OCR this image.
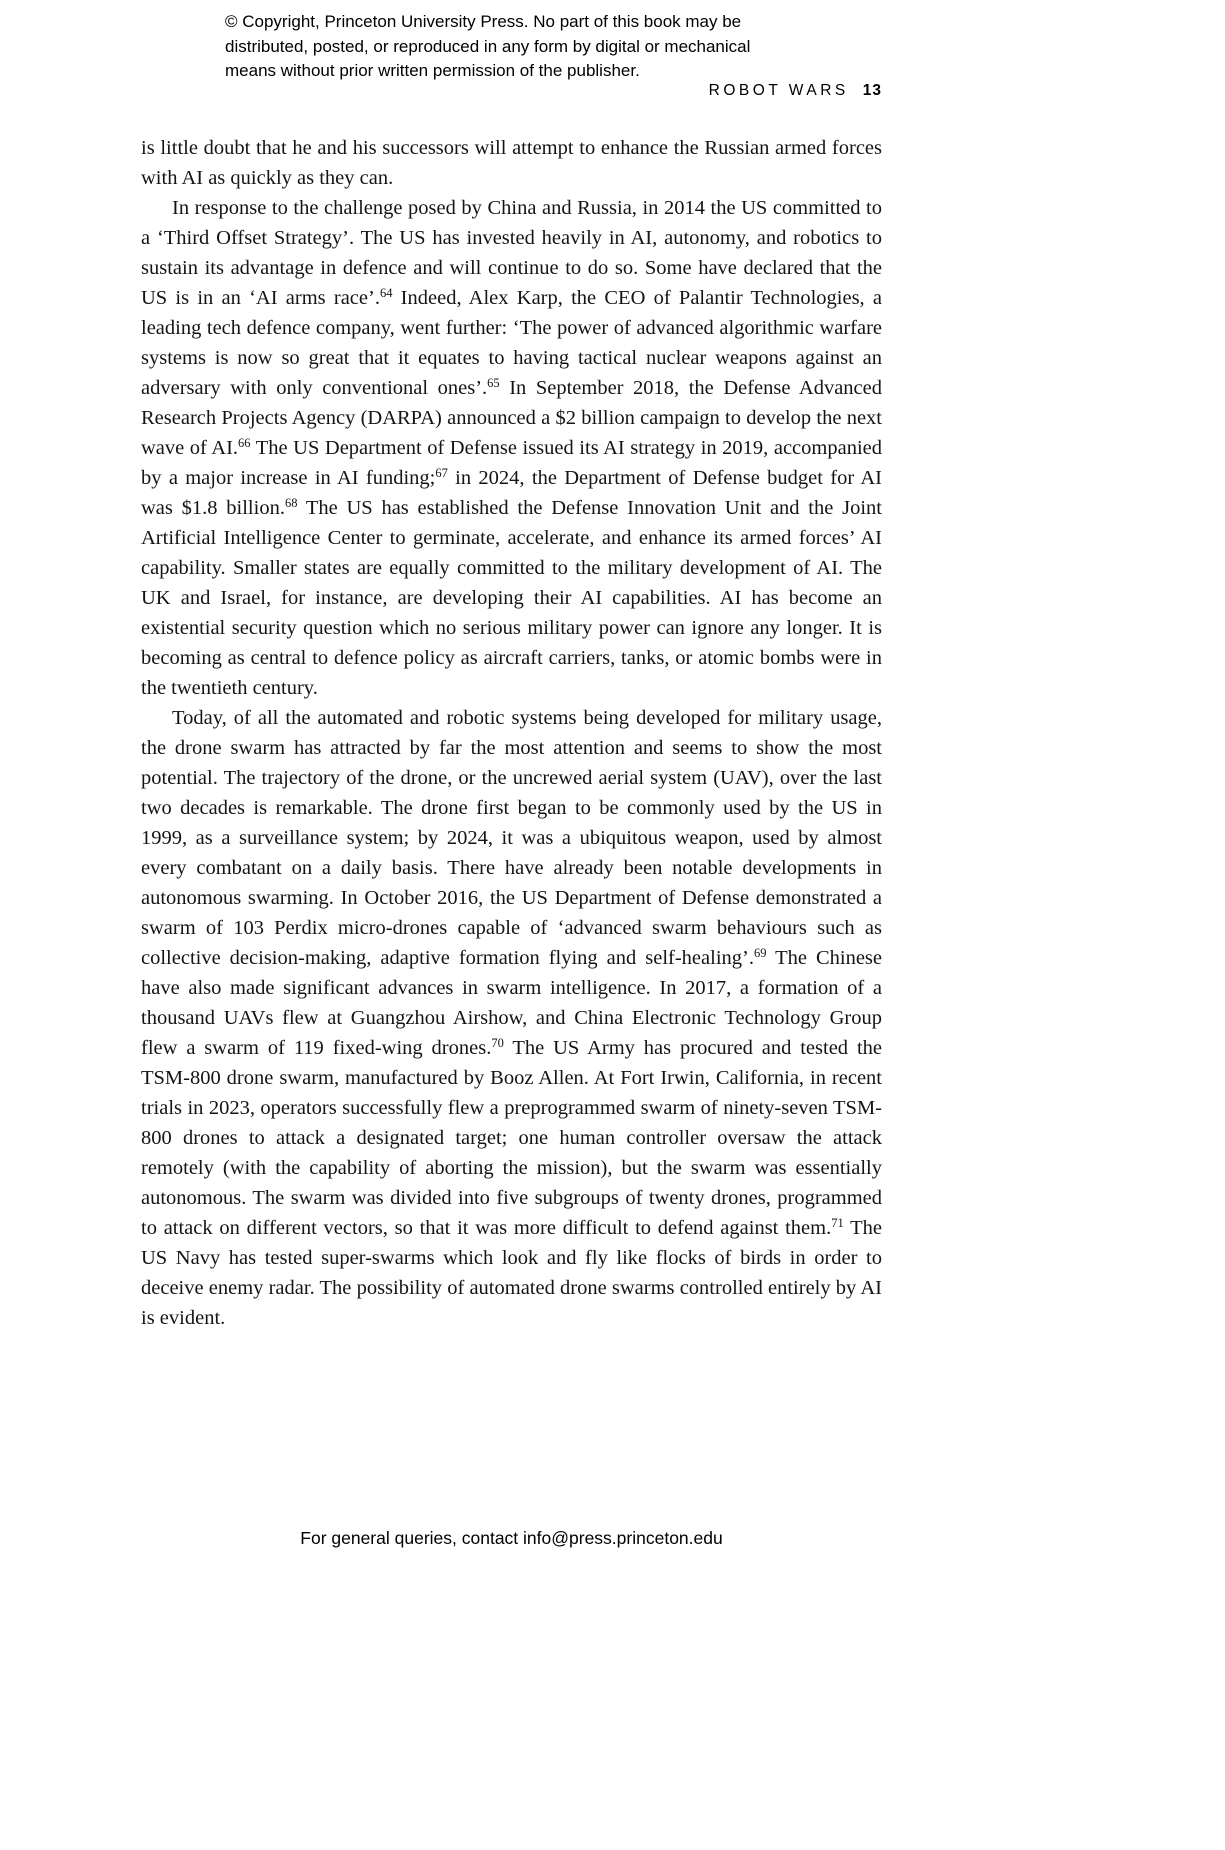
© Copyright, Princeton University Press. No part of this book may be
distributed, posted, or reproduced in any form by digital or mechanical
means without prior written permission of the publisher.
ROBOT WARS 13

is little doubt that he and his successors will attempt to enhance the Russian armed forces with AI as quickly as they can.

In response to the challenge posed by China and Russia, in 2014 the US committed to a ‘Third Offset Strategy’. The US has invested heavily in AI, autonomy, and robotics to sustain its advantage in defence and will continue to do so. Some have declared that the US is in an ‘AI arms race’.$^{64}$ Indeed, Alex Karp, the CEO of Palantir Technologies, a leading tech defence company, went further: ‘The power of advanced algorithmic warfare systems is now so great that it equates to having tactical nuclear weapons against an adversary with only conventional ones’.$^{65}$ In September 2018, the Defense Advanced Research Projects Agency (DARPA) announced a $2 billion campaign to develop the next wave of AI.$^{66}$ The US Department of Defense issued its AI strategy in 2019, accompanied by a major increase in AI funding;$^{67}$ in 2024, the Department of Defense budget for AI was $1.8 billion.$^{68}$ The US has established the Defense Innovation Unit and the Joint Artificial Intelligence Center to germinate, accelerate, and enhance its armed forces’ AI capability. Smaller states are equally committed to the military development of AI. The UK and Israel, for instance, are developing their AI capabilities. AI has become an existential security question which no serious military power can ignore any longer. It is becoming as central to defence policy as aircraft carriers, tanks, or atomic bombs were in the twentieth century.

Today, of all the automated and robotic systems being developed for military usage, the drone swarm has attracted by far the most attention and seems to show the most potential. The trajectory of the drone, or the uncrewed aerial system (UAV), over the last two decades is remarkable. The drone first began to be commonly used by the US in 1999, as a surveillance system; by 2024, it was a ubiquitous weapon, used by almost every combatant on a daily basis. There have already been notable developments in autonomous swarming. In October 2016, the US Department of Defense demonstrated a swarm of 103 Perdix micro-drones capable of ‘advanced swarm behaviours such as collective decision-making, adaptive formation flying and self-healing’.$^{69}$ The Chinese have also made significant advances in swarm intelligence. In 2017, a formation of a thousand UAVs flew at Guangzhou Airshow, and China Electronic Technology Group flew a swarm of 119 fixed-wing drones.$^{70}$ The US Army has procured and tested the TSM-800 drone swarm, manufactured by Booz Allen. At Fort Irwin, California, in recent trials in 2023, operators successfully flew a preprogrammed swarm of ninety-seven TSM-800 drones to attack a designated target; one human controller oversaw the attack remotely (with the capability of aborting the mission), but the swarm was essentially autonomous. The swarm was divided into five subgroups of twenty drones, programmed to attack on different vectors, so that it was more difficult to defend against them.$^{71}$ The US Navy has tested super-swarms which look and fly like flocks of birds in order to deceive enemy radar. The possibility of automated drone swarms controlled entirely by AI is evident.

For general queries, contact info@press.princeton.edu
